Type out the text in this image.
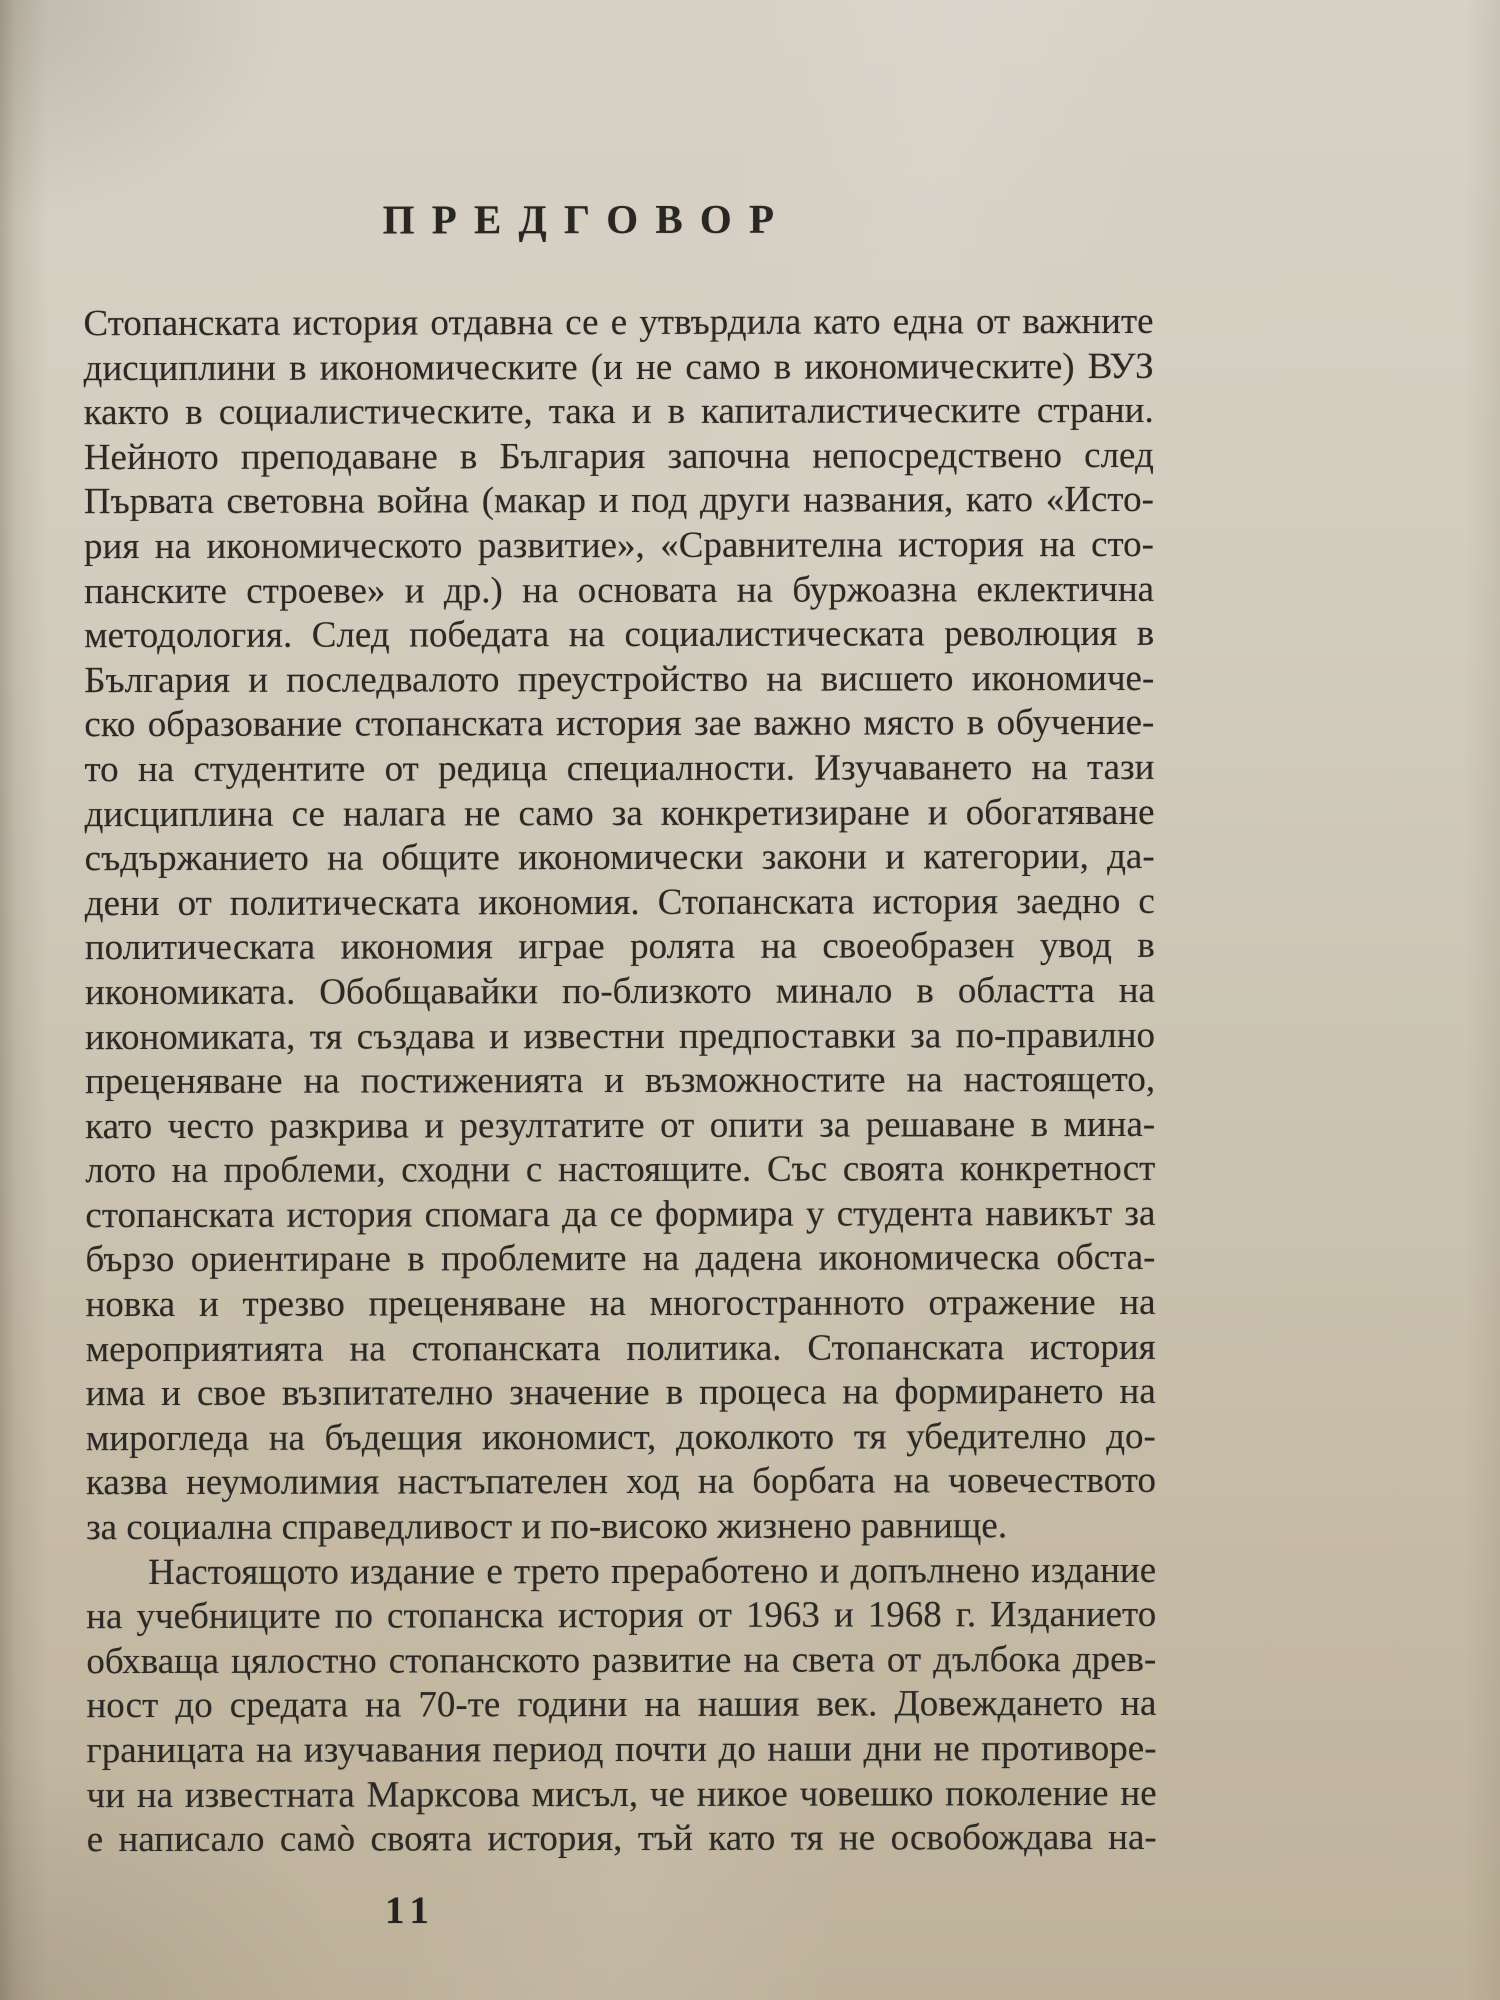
ПРЕДГОВОР
Стопанската история отдавна се е утвърдила като една от важните
дисциплини в икономическите (и не само в икономическите) ВУЗ
както в социалистическите, така и в капиталистическите страни.
Нейното преподаване в България започна непосредствено след
Първата световна война (макар и под други названия, като «Исто-
рия на икономическото развитие», «Сравнителна история на сто-
панските строеве» и др.) на основата на буржоазна еклектична
методология. След победата на социалистическата революция в
България и последвалото преустройство на висшето икономиче-
ско образование стопанската история зае важно място в обучение-
то на студентите от редица специалности. Изучаването на тази
дисциплина се налага не само за конкретизиране и обогатяване
съдържанието на общите икономически закони и категории, да-
дени от политическата икономия. Стопанската история заедно с
политическата икономия играе ролята на своеобразен увод в
икономиката. Обобщавайки по-близкото минало в областта на
икономиката, тя създава и известни предпоставки за по-правилно
преценяване на постиженията и възможностите на настоящето,
като често разкрива и резултатите от опити за решаване в мина-
лото на проблеми, сходни с настоящите. Със своята конкретност
стопанската история спомага да се формира у студента навикът за
бързо ориентиране в проблемите на дадена икономическа обста-
новка и трезво преценяване на многостранното отражение на
мероприятията на стопанската политика. Стопанската история
има и свое възпитателно значение в процеса на формирането на
мирогледа на бъдещия икономист, доколкото тя убедително до-
казва неумолимия настъпателен ход на борбата на човечеството
за социална справедливост и по-високо жизнено равнище.
Настоящото издание е трето преработено и допълнено издание
на учебниците по стопанска история от 1963 и 1968 г. Изданието
обхваща цялостно стопанското развитие на света от дълбока древ-
ност до средата на 70-те години на нашия век. Довеждането на
границата на изучавания период почти до наши дни не противоре-
чи на известната Марксова мисъл, че никое човешко поколение не
е написало самò своята история, тъй като тя не освобождава на-
11
